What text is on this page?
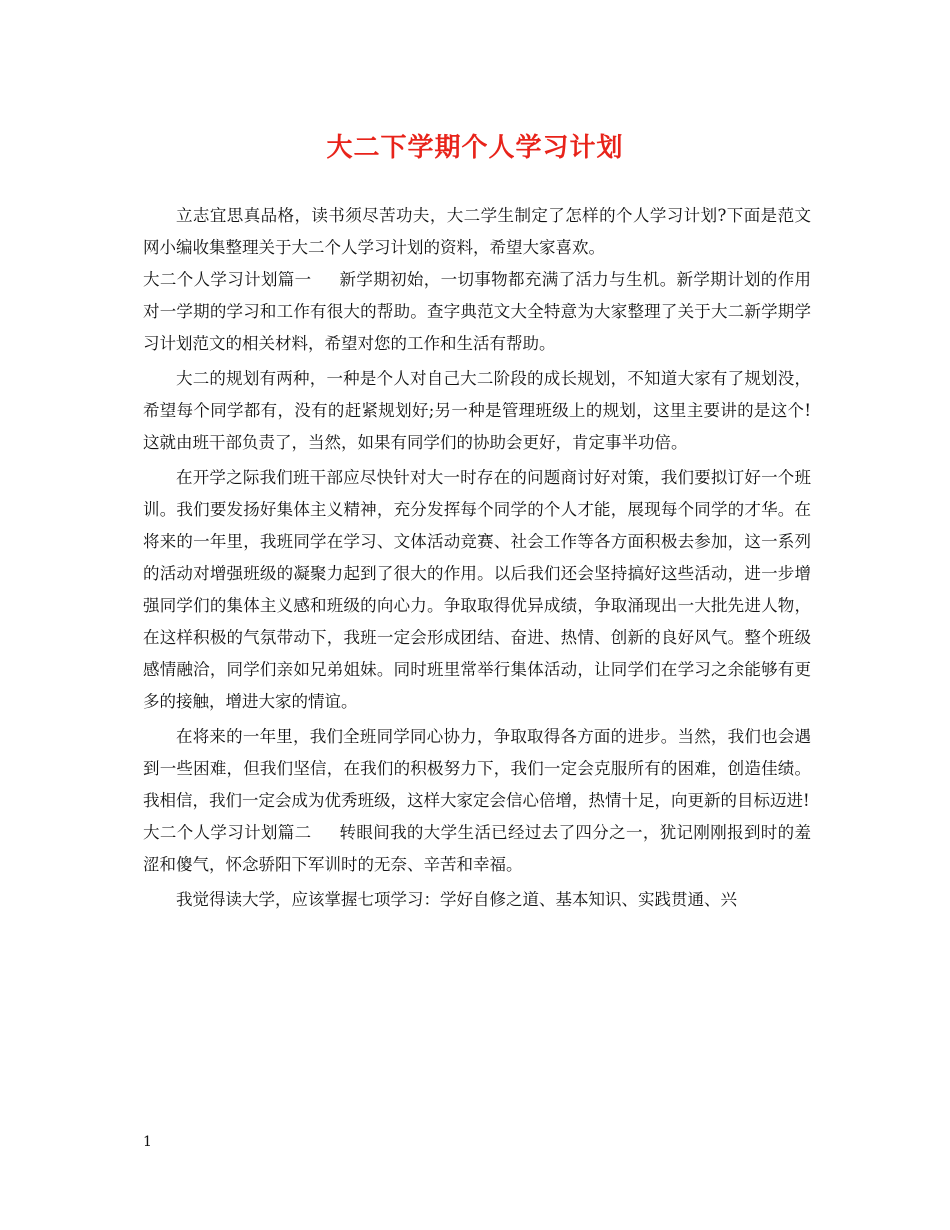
大二下学期个人学习计划

立志宜思真品格，读书须尽苦功夫，大二学生制定了怎样的个人学习计划?下面是范文网小编收集整理关于大二个人学习计划的资料，希望大家喜欢。

大二个人学习计划篇一 新学期初始，一切事物都充满了活力与生机。新学期计划的作用对一学期的学习和工作有很大的帮助。查字典范文大全特意为大家整理了关于大二新学期学习计划范文的相关材料，希望对您的工作和生活有帮助。

大二的规划有两种，一种是个人对自己大二阶段的成长规划，不知道大家有了规划没，希望每个同学都有，没有的赶紧规划好;另一种是管理班级上的规划，这里主要讲的是这个!这就由班干部负责了，当然，如果有同学们的协助会更好，肯定事半功倍。

在开学之际我们班干部应尽快针对大一时存在的问题商讨好对策，我们要拟订好一个班训。我们要发扬好集体主义精神，充分发挥每个同学的个人才能，展现每个同学的才华。在将来的一年里，我班同学在学习、文体活动竞赛、社会工作等各方面积极去参加，这一系列的活动对增强班级的凝聚力起到了很大的作用。以后我们还会坚持搞好这些活动，进一步增强同学们的集体主义感和班级的向心力。争取取得优异成绩，争取涌现出一大批先进人物，在这样积极的气氛带动下，我班一定会形成团结、奋进、热情、创新的良好风气。整个班级感情融洽，同学们亲如兄弟姐妹。同时班里常举行集体活动，让同学们在学习之余能够有更多的接触，增进大家的情谊。

在将来的一年里，我们全班同学同心协力，争取取得各方面的进步。当然，我们也会遇到一些困难，但我们坚信，在我们的积极努力下，我们一定会克服所有的困难，创造佳绩。我相信，我们一定会成为优秀班级，这样大家定会信心倍增，热情十足，向更新的目标迈进!

大二个人学习计划篇二 转眼间我的大学生活已经过去了四分之一，犹记刚刚报到时的羞涩和傻气，怀念骄阳下军训时的无奈、辛苦和幸福。

我觉得读大学，应该掌握七项学习：学好自修之道、基本知识、实践贯通、兴

1
